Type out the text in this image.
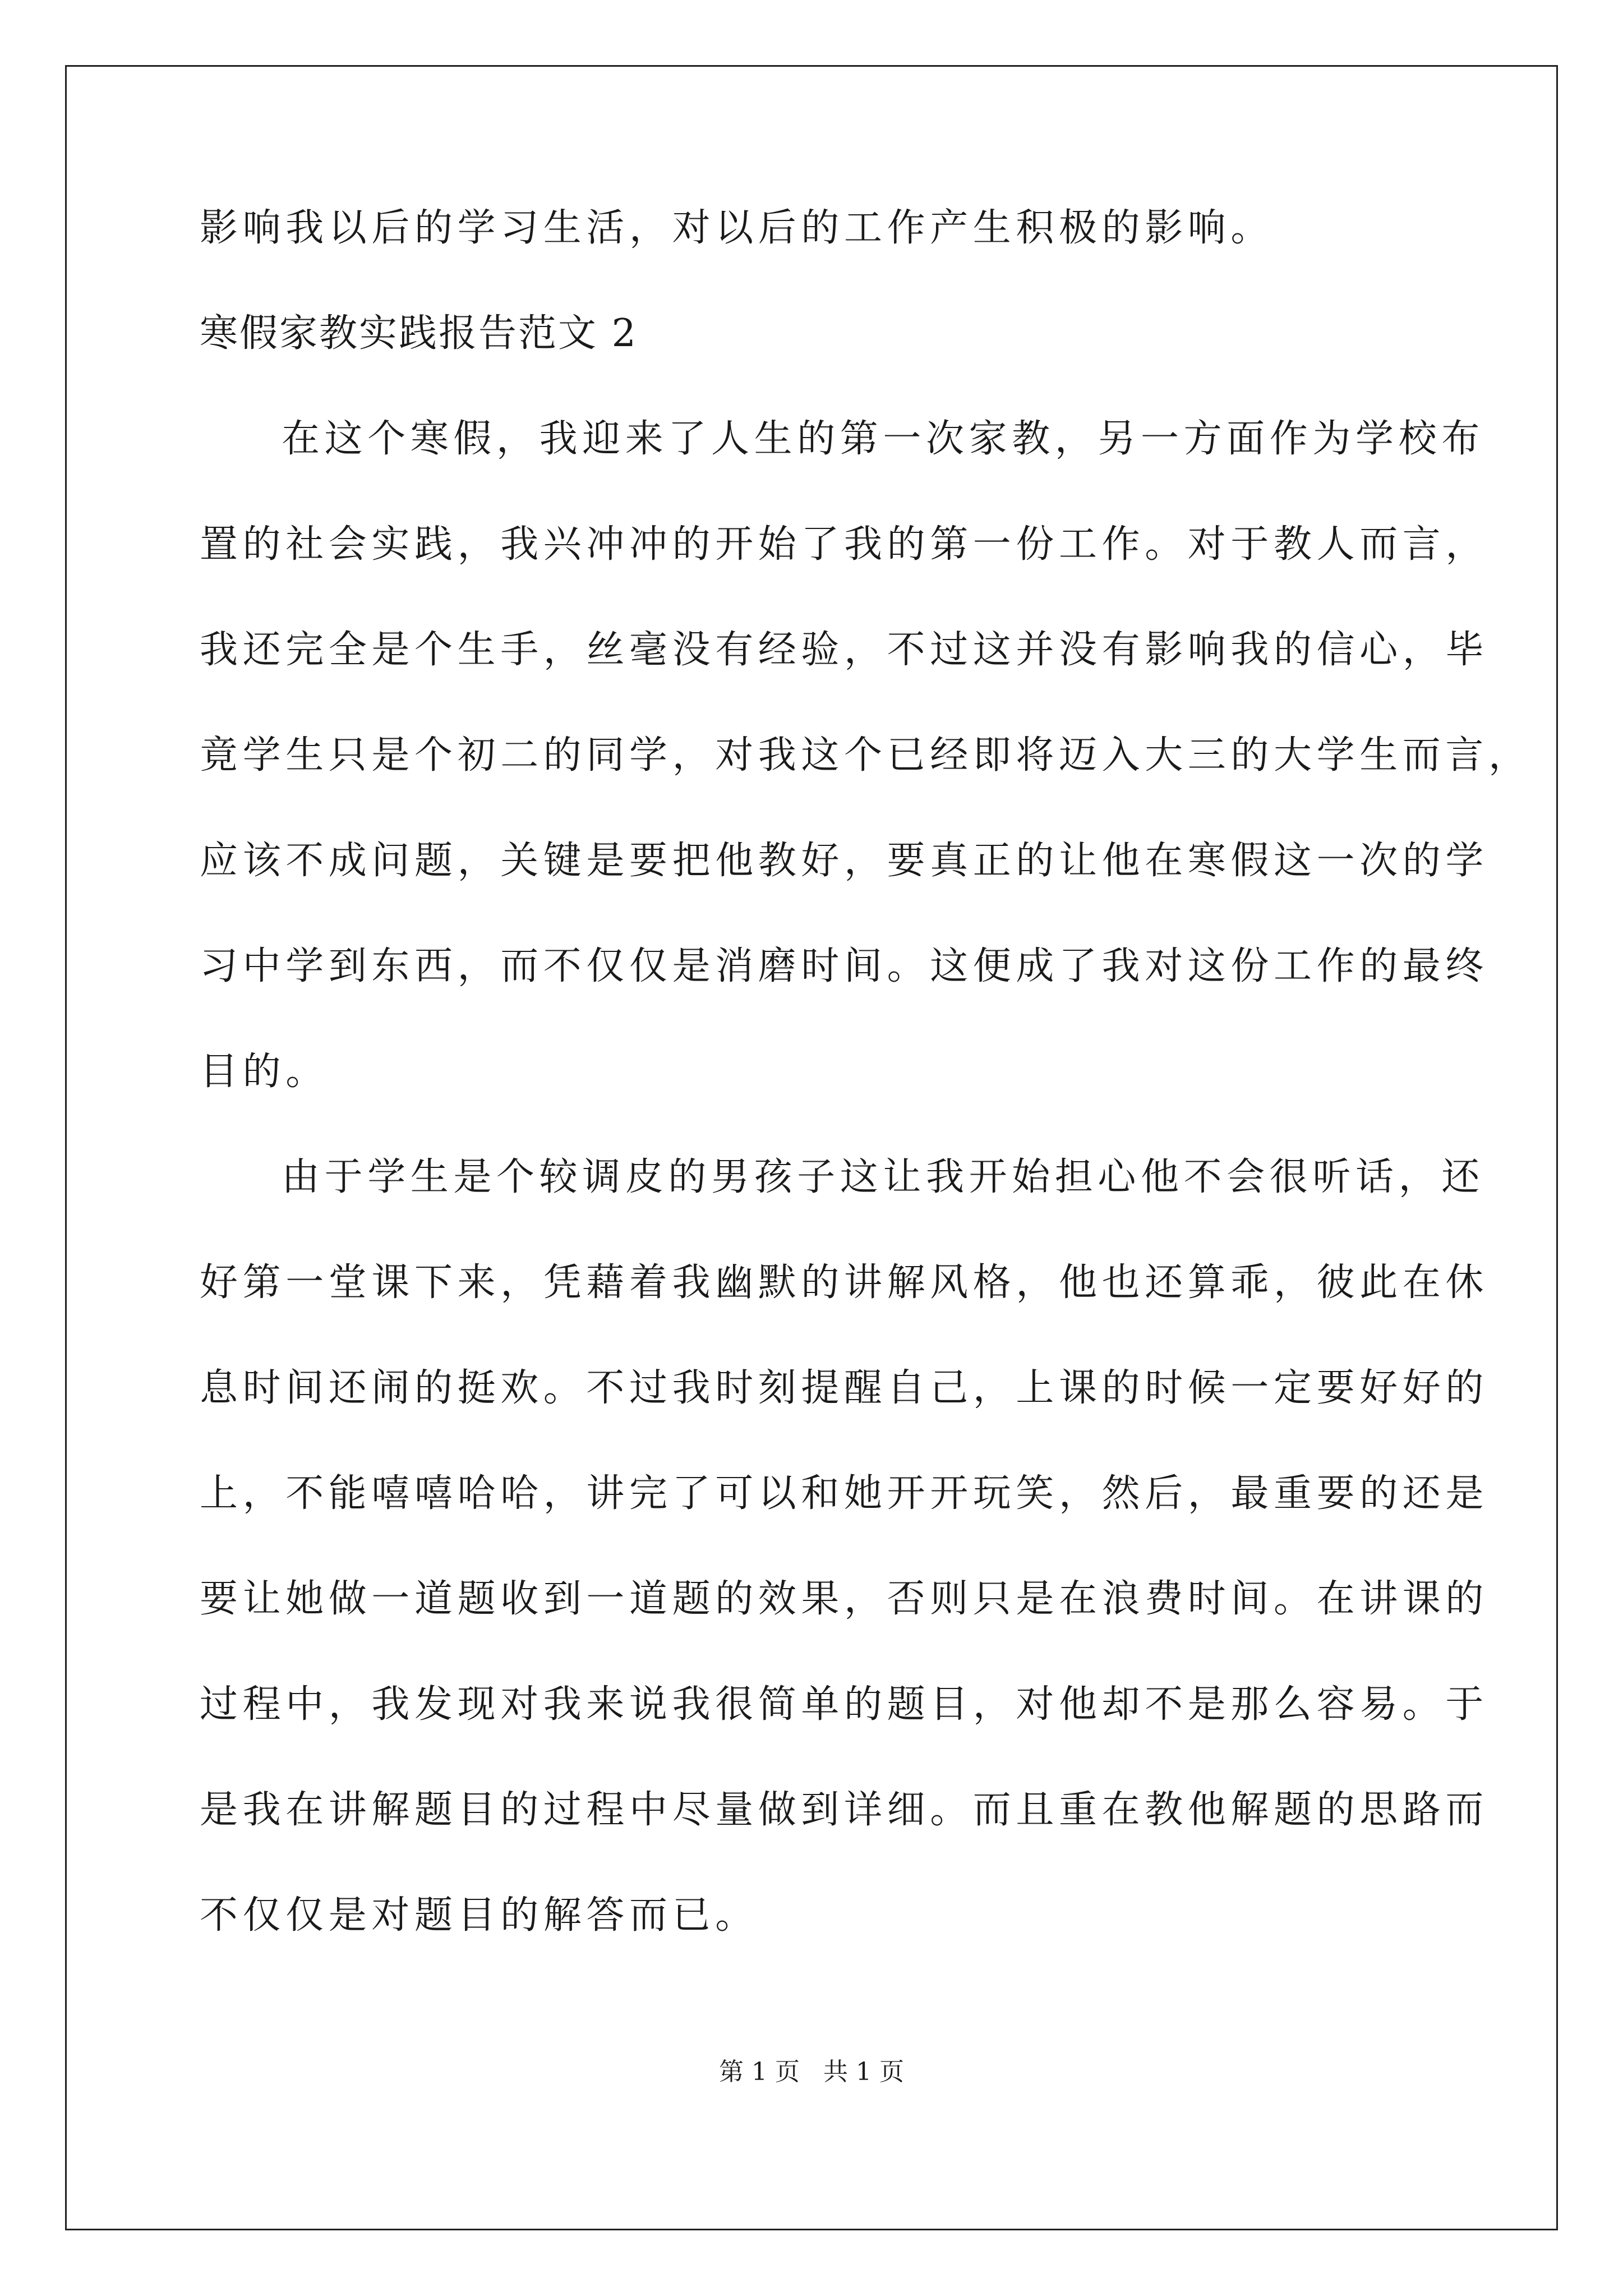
影响我以后的学习生活，对以后的工作产生积极的影响。
寒假家教实践报告范文 2
在这个寒假，我迎来了人生的第一次家教，另一方面作为学校布
置的社会实践，我兴冲冲的开始了我的第一份工作。对于教人而言，
我还完全是个生手，丝毫没有经验，不过这并没有影响我的信心，毕
竟学生只是个初二的同学，对我这个已经即将迈入大三的大学生而言，
应该不成问题，关键是要把他教好，要真正的让他在寒假这一次的学
习中学到东西，而不仅仅是消磨时间。这便成了我对这份工作的最终
目的。
由于学生是个较调皮的男孩子这让我开始担心他不会很听话，还
好第一堂课下来，凭藉着我幽默的讲解风格，他也还算乖，彼此在休
息时间还闹的挺欢。不过我时刻提醒自己，上课的时候一定要好好的
上，不能嘻嘻哈哈，讲完了可以和她开开玩笑，然后，最重要的还是
要让她做一道题收到一道题的效果，否则只是在浪费时间。在讲课的
过程中，我发现对我来说我很简单的题目，对他却不是那么容易。于
是我在讲解题目的过程中尽量做到详细。而且重在教他解题的思路而
不仅仅是对题目的解答而已。
第 1 页   共 1 页
